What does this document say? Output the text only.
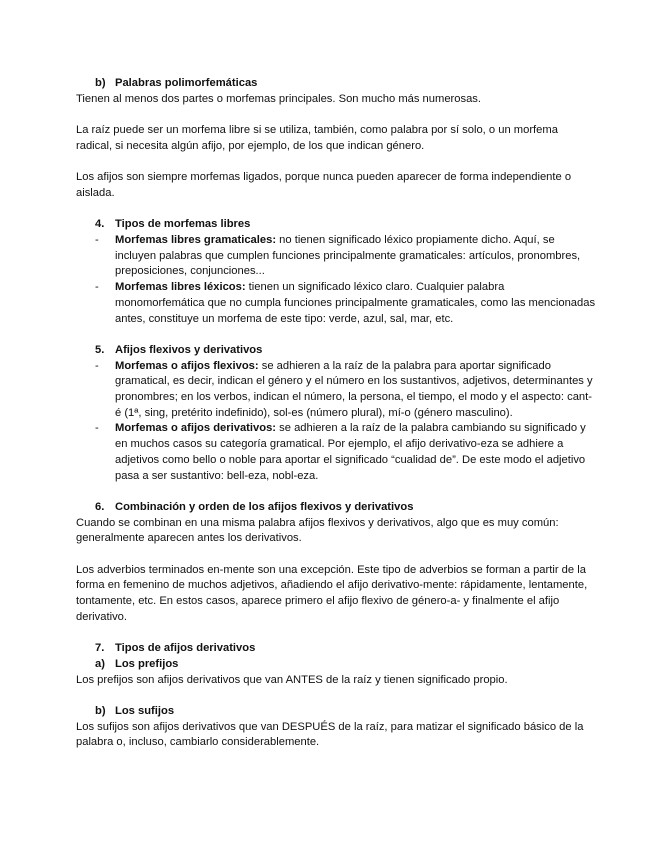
b) Palabras polimorfemáticas

Tienen al menos dos partes o morfemas principales. Son mucho más numerosas.

La raíz puede ser un morfema libre si se utiliza, también, como palabra por sí solo, o un morfema radical, si necesita algún afijo, por ejemplo, de los que indican género.

Los afijos son siempre morfemas ligados, porque nunca pueden aparecer de forma independiente o aislada.

4. Tipos de morfemas libres
-	Morfemas libres gramaticales: no tienen significado léxico propiamente dicho. Aquí, se incluyen palabras que cumplen funciones principalmente gramaticales: artículos, pronombres, preposiciones, conjunciones...
-	Morfemas libres léxicos: tienen un significado léxico claro. Cualquier palabra monomorfemática que no cumpla funciones principalmente gramaticales, como las mencionadas antes, constituye un morfema de este tipo: verde, azul, sal, mar, etc.
5. Afijos flexivos y derivativos
-	Morfemas o afijos flexivos: se adhieren a la raíz de la palabra para aportar significado gramatical, es decir, indican el género y el número en los sustantivos, adjetivos, determinantes y pronombres; en los verbos, indican el número, la persona, el tiempo, el modo y el aspecto: cant-é (1ª, sing, pretérito indefinido), sol-es (número plural), mí-o (género masculino).
-	Morfemas o afijos derivativos: se adhieren a la raíz de la palabra cambiando su significado y en muchos casos su categoría gramatical. Por ejemplo, el afijo derivativo-eza se adhiere a adjetivos como bello o noble para aportar el significado “cualidad de”. De este modo el adjetivo pasa a ser sustantivo: bell-eza, nobl-eza.
6. Combinación y orden de los afijos flexivos y derivativos

Cuando se combinan en una misma palabra afijos flexivos y derivativos, algo que es muy común: generalmente aparecen antes los derivativos.

Los adverbios terminados en-mente son una excepción. Este tipo de adverbios se forman a partir de la forma en femenino de muchos adjetivos, añadiendo el afijo derivativo-mente: rápidamente, lentamente, tontamente, etc. En estos casos, aparece primero el afijo flexivo de género-a- y finalmente el afijo derivativo.

7. Tipos de afijos derivativos
a) Los prefijos

Los prefijos son afijos derivativos que van ANTES de la raíz y tienen significado propio.

b) Los sufijos

Los sufijos son afijos derivativos que van DESPUÉS de la raíz, para matizar el significado básico de la palabra o, incluso, cambiarlo considerablemente.
